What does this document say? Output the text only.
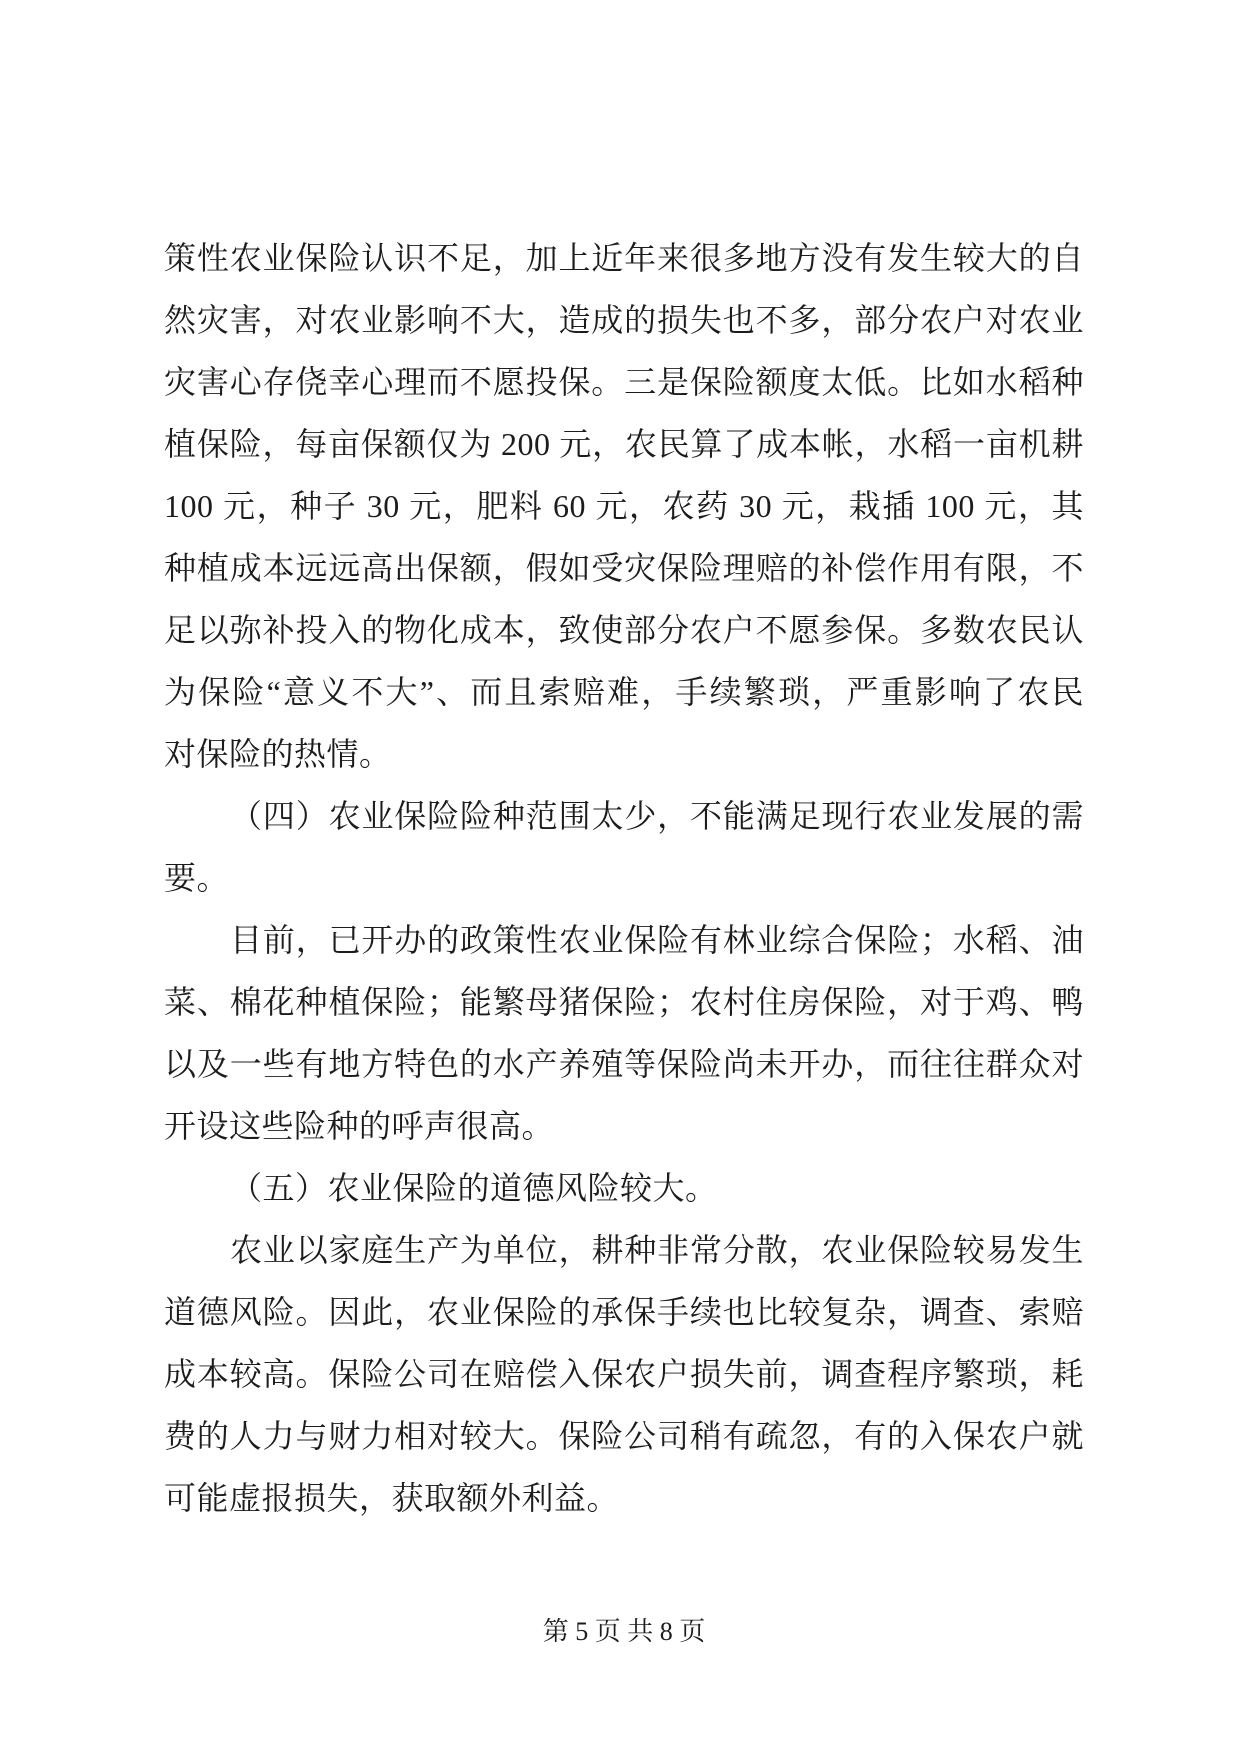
策性农业保险认识不足，加上近年来很多地方没有发生较大的自
然灾害，对农业影响不大，造成的损失也不多，部分农户对农业
灾害心存侥幸心理而不愿投保。三是保险额度太低。比如水稻种
植保险，每亩保额仅为 200 元，农民算了成本帐，水稻一亩机耕
100 元，种子 30 元，肥料 60 元，农药 30 元，栽插 100 元，其
种植成本远远高出保额，假如受灾保险理赔的补偿作用有限，不
足以弥补投入的物化成本，致使部分农户不愿参保。多数农民认
为保险“意义不大”、而且索赔难，手续繁琐，严重影响了农民
对保险的热情。
（四）农业保险险种范围太少，不能满足现行农业发展的需
要。
目前，已开办的政策性农业保险有林业综合保险；水稻、油
菜、棉花种植保险；能繁母猪保险；农村住房保险，对于鸡、鸭
以及一些有地方特色的水产养殖等保险尚未开办，而往往群众对
开设这些险种的呼声很高。
（五）农业保险的道德风险较大。
农业以家庭生产为单位，耕种非常分散，农业保险较易发生
道德风险。因此，农业保险的承保手续也比较复杂，调查、索赔
成本较高。保险公司在赔偿入保农户损失前，调查程序繁琐，耗
费的人力与财力相对较大。保险公司稍有疏忽，有的入保农户就
可能虚报损失，获取额外利益。
第 5 页 共 8 页
